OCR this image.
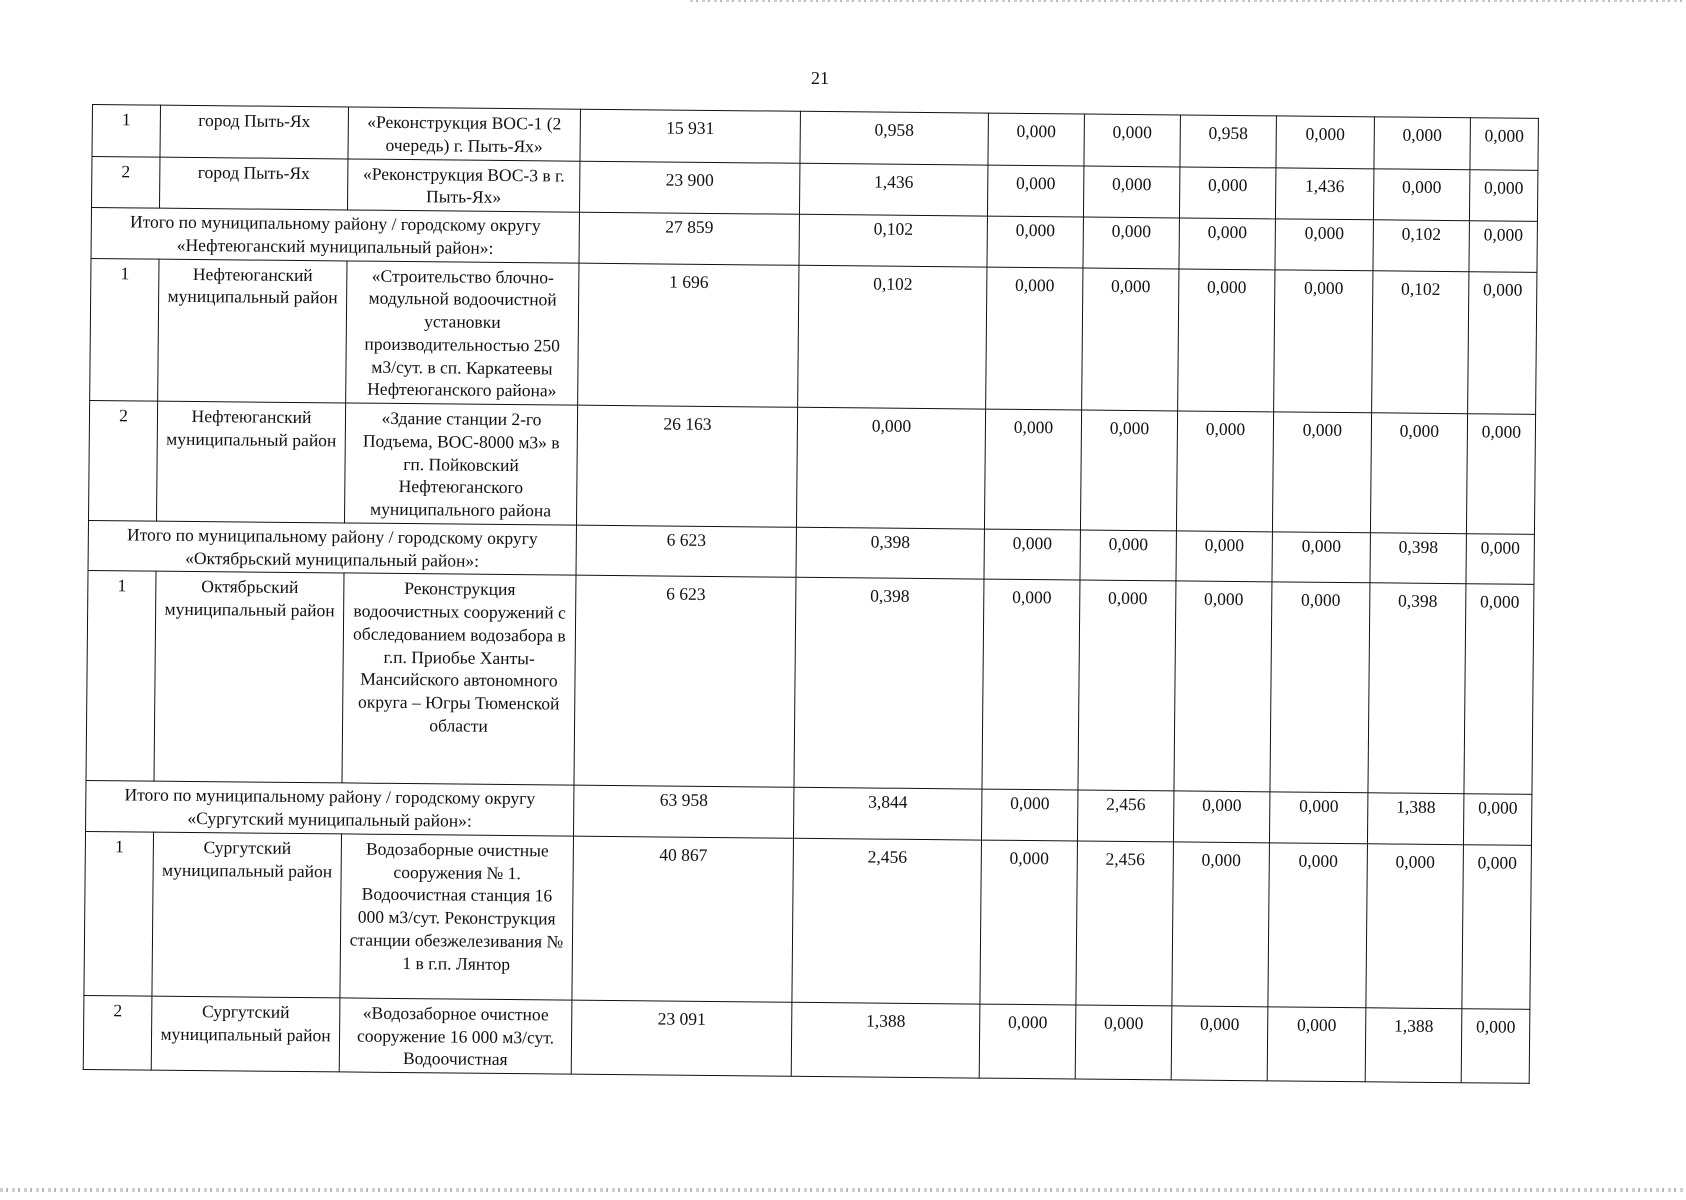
21
1	город Пыть-Ях	«Реконструкция ВОС-1 (2 очередь) г. Пыть-Ях»	15 931	0,958	0,000	0,000	0,958	0,000	0,000	0,000
2	город Пыть-Ях	«Реконструкция ВОС-3 в г. Пыть-Ях»	23 900	1,436	0,000	0,000	0,000	1,436	0,000	0,000
Итого по муниципальному району / городскому округу «Нефтеюганский муниципальный район»:			27 859	0,102	0,000	0,000	0,000	0,000	0,102	0,000
1	Нефтеюганский муниципальный район	«Строительство блочно-модульной водоочистной установки производительностью 250 м3/сут. в сп. Каркатеевы Нефтеюганского района»	1 696	0,102	0,000	0,000	0,000	0,000	0,102	0,000
2	Нефтеюганский муниципальный район	«Здание станции 2-го Подъема, ВОС-8000 м3» в гп. Пойковский Нефтеюганского муниципального района	26 163	0,000	0,000	0,000	0,000	0,000	0,000	0,000
Итого по муниципальному району / городскому округу «Октябрьский муниципальный район»:			6 623	0,398	0,000	0,000	0,000	0,000	0,398	0,000
1	Октябрьский муниципальный район	Реконструкция водоочистных сооружений с обследованием водозабора в г.п. Приобье Ханты-Мансийского автономного округа – Югры Тюменской области	6 623	0,398	0,000	0,000	0,000	0,000	0,398	0,000
Итого по муниципальному району / городскому округу «Сургутский муниципальный район»:			63 958	3,844	0,000	2,456	0,000	0,000	1,388	0,000
1	Сургутский муниципальный район	Водозаборные очистные сооружения № 1. Водоочистная станция 16 000 м3/сут. Реконструкция станции обезжелезивания № 1 в г.п. Лянтор	40 867	2,456	0,000	2,456	0,000	0,000	0,000	0,000
2	Сургутский муниципальный район	«Водозаборное очистное сооружение 16 000 м3/сут. Водоочистная	23 091	1,388	0,000	0,000	0,000	0,000	1,388	0,000
